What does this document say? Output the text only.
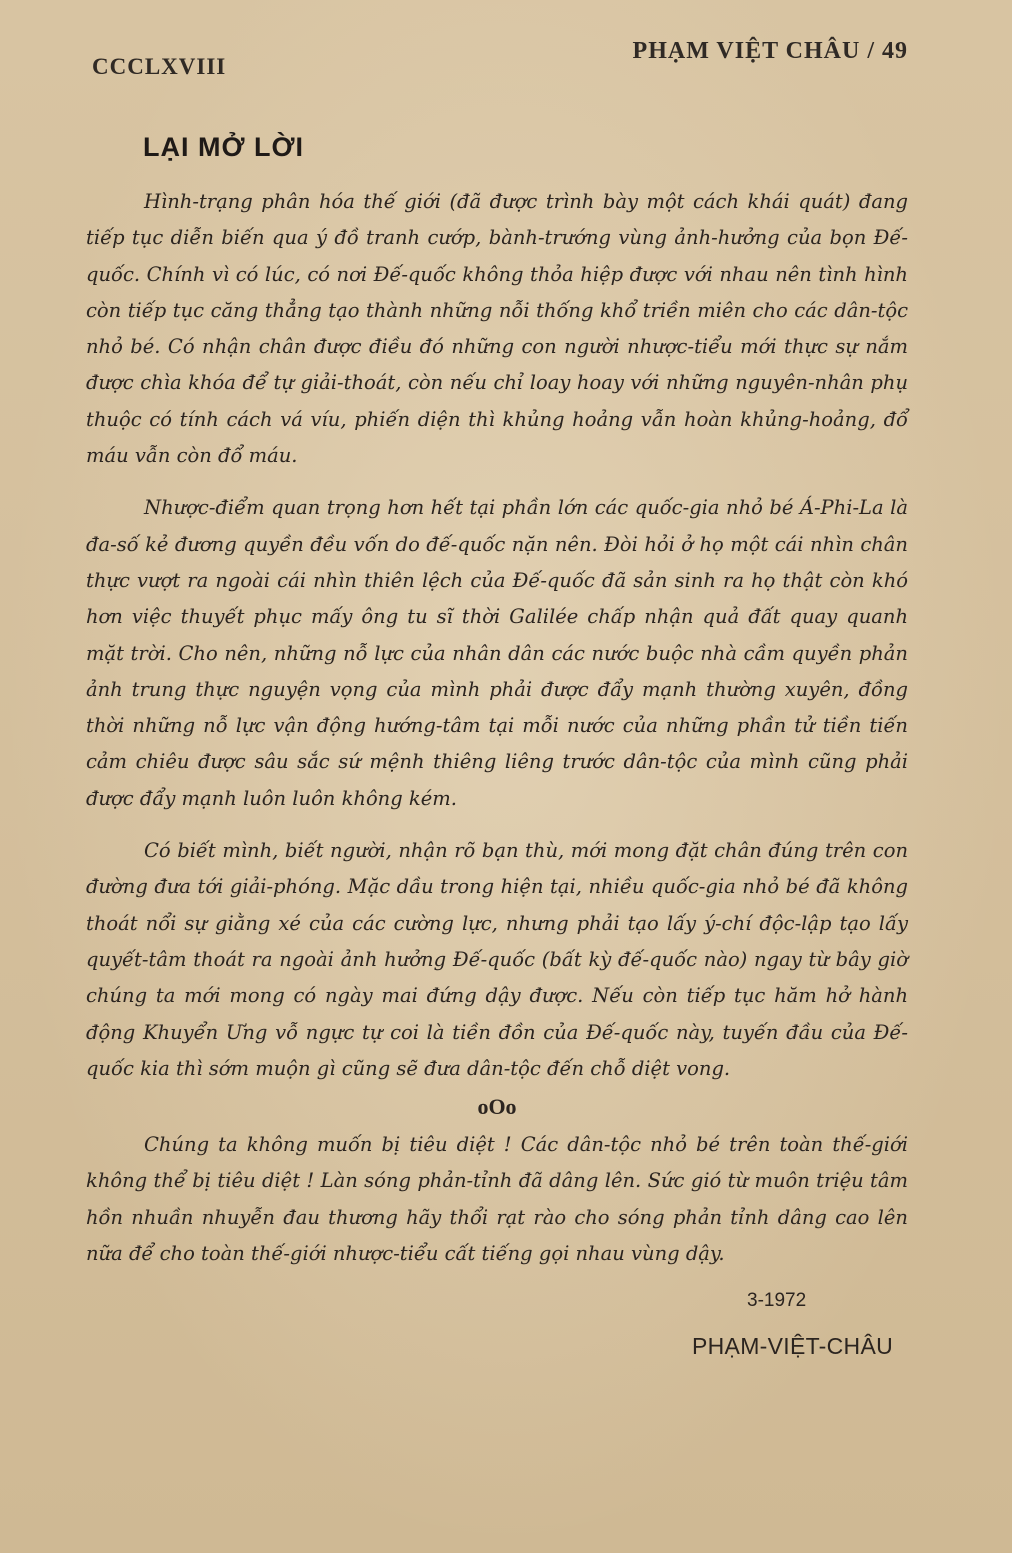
CCCLXVIII
PHẠM VIỆT CHÂU / 49
LẠI MỞ LỜI

Hình-trạng phân hóa thế giới (đã được trình bày một cách khái quát) đang tiếp tục diễn biến qua ý đồ tranh cướp, bành-trướng vùng ảnh-hưởng của bọn Đế-quốc. Chính vì có lúc, có nơi Đế-quốc không thỏa hiệp được với nhau nên tình hình còn tiếp tục căng thẳng tạo thành những nỗi thống khổ triền miên cho các dân-tộc nhỏ bé. Có nhận chân được điều đó những con người nhược-tiểu mới thực sự nắm được chìa khóa để tự giải-thoát, còn nếu chỉ loay hoay với những nguyên-nhân phụ thuộc có tính cách vá víu, phiến diện thì khủng hoảng vẫn hoàn khủng-hoảng, đổ máu vẫn còn đổ máu.

Nhược-điểm quan trọng hơn hết tại phần lớn các quốc-gia nhỏ bé Á-Phi-La là đa-số kẻ đương quyền đều vốn do đế-quốc nặn nên. Đòi hỏi ở họ một cái nhìn chân thực vượt ra ngoài cái nhìn thiên lệch của Đế-quốc đã sản sinh ra họ thật còn khó hơn việc thuyết phục mấy ông tu sĩ thời Galilée chấp nhận quả đất quay quanh mặt trời. Cho nên, những nỗ lực của nhân dân các nước buộc nhà cầm quyền phản ảnh trung thực nguyện vọng của mình phải được đẩy mạnh thường xuyên, đồng thời những nỗ lực vận động hướng-tâm tại mỗi nước của những phần tử tiền tiến cảm chiêu được sâu sắc sứ mệnh thiêng liêng trước dân-tộc của mình cũng phải được đẩy mạnh luôn luôn không kém.

Có biết mình, biết người, nhận rõ bạn thù, mới mong đặt chân đúng trên con đường đưa tới giải-phóng. Mặc dầu trong hiện tại, nhiều quốc-gia nhỏ bé đã không thoát nổi sự giằng xé của các cường lực, nhưng phải tạo lấy ý-chí độc-lập tạo lấy quyết-tâm thoát ra ngoài ảnh hưởng Đế-quốc (bất kỳ đế-quốc nào) ngay từ bây giờ chúng ta mới mong có ngày mai đứng dậy được. Nếu còn tiếp tục hăm hở hành động Khuyển Ưng vỗ ngực tự coi là tiền đồn của Đế-quốc này, tuyến đầu của Đế-quốc kia thì sớm muộn gì cũng sẽ đưa dân-tộc đến chỗ diệt vong.

oOo

Chúng ta không muốn bị tiêu diệt ! Các dân-tộc nhỏ bé trên toàn thế-giới không thể bị tiêu diệt ! Làn sóng phản-tỉnh đã dâng lên. Sức gió từ muôn triệu tâm hồn nhuần nhuyễn đau thương hãy thổi rạt rào cho sóng phản tỉnh dâng cao lên nữa để cho toàn thế-giới nhược-tiểu cất tiếng gọi nhau vùng dậy.

3-1972
PHẠM-VIỆT-CHÂU
